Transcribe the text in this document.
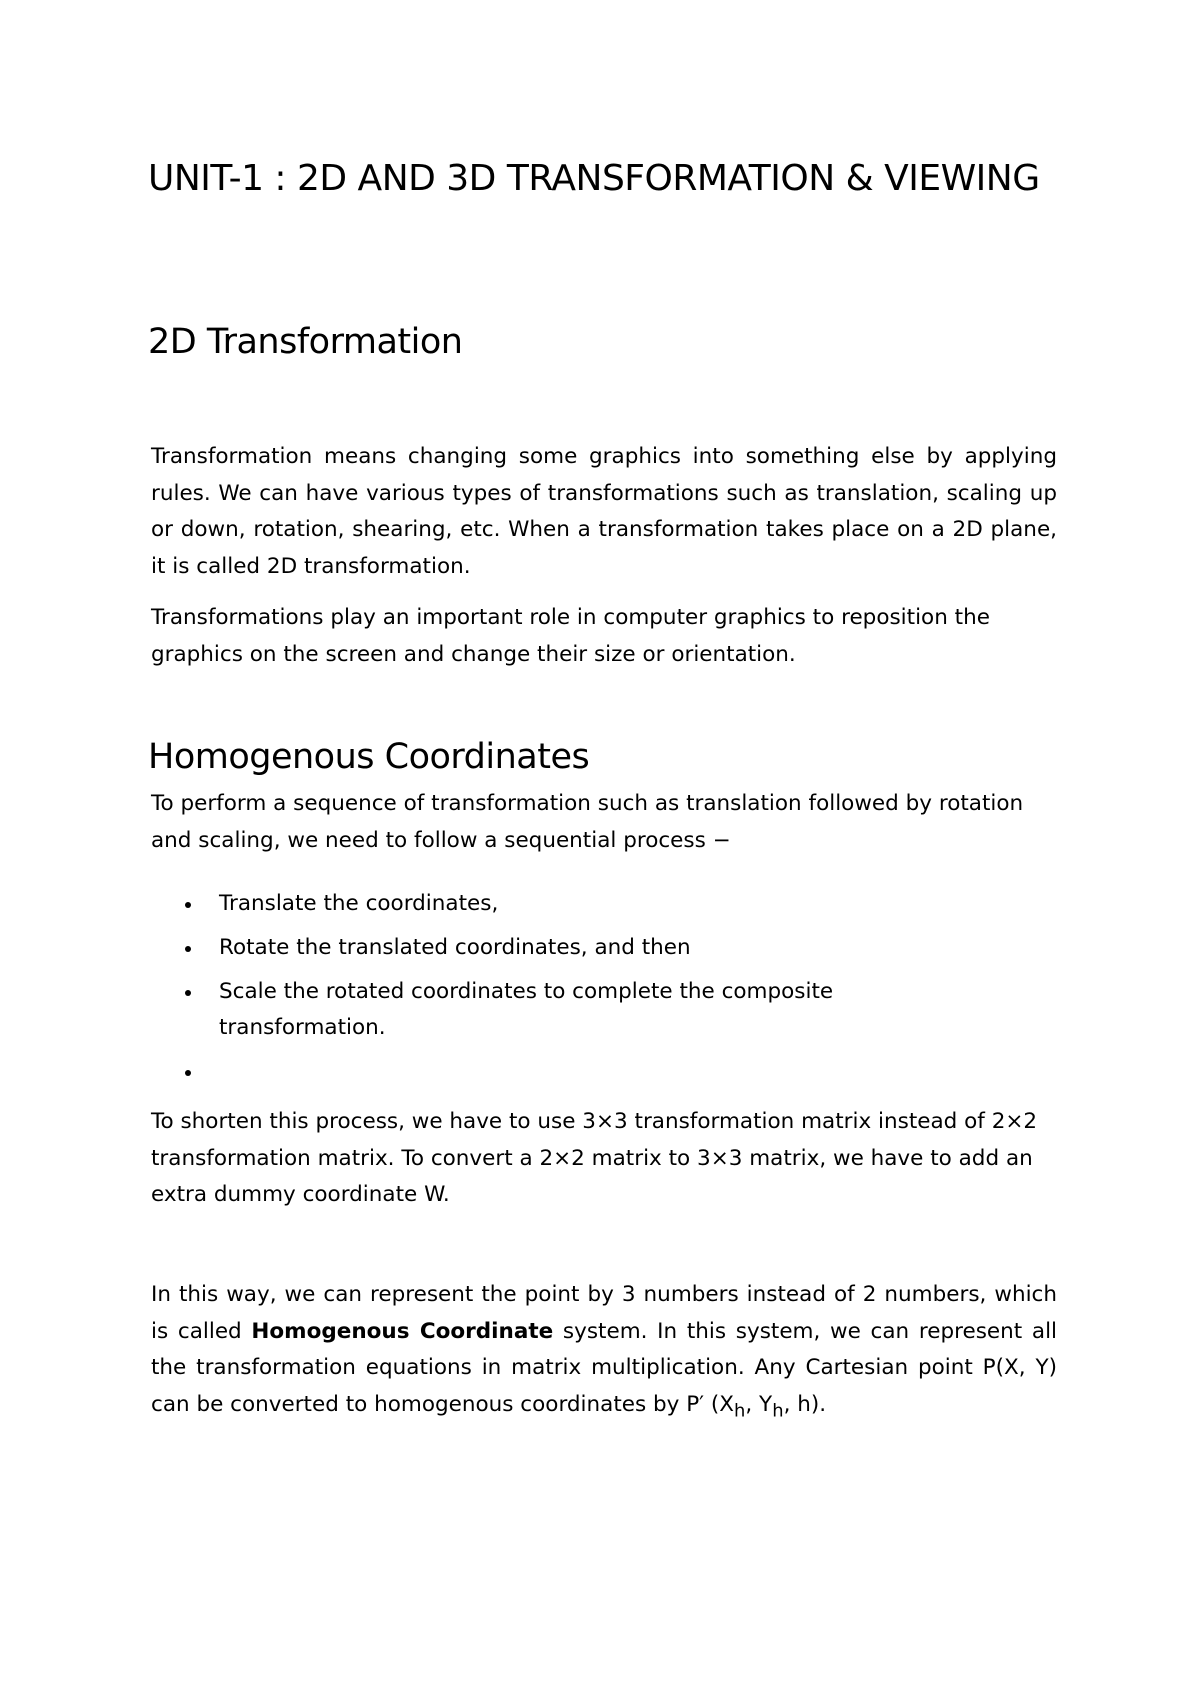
UNIT-1 : 2D AND 3D TRANSFORMATION & VIEWING
2D Transformation

Transformation means changing some graphics into something else by applying rules. We can have various types of transformations such as translation, scaling up or down, rotation, shearing, etc. When a transformation takes place on a 2D plane, it is called 2D transformation.

Transformations play an important role in computer graphics to reposition the graphics on the screen and change their size or orientation.

Homogenous Coordinates

To perform a sequence of transformation such as translation followed by rotation and scaling, we need to follow a sequential process −

Translate the coordinates,
Rotate the translated coordinates, and then
Scale the rotated coordinates to complete the composite transformation.

To shorten this process, we have to use 3×3 transformation matrix instead of 2×2 transformation matrix. To convert a 2×2 matrix to 3×3 matrix, we have to add an extra dummy coordinate W.

In this way, we can represent the point by 3 numbers instead of 2 numbers, which is called Homogenous Coordinate system. In this system, we can represent all the transformation equations in matrix multiplication. Any Cartesian point P(X, Y) can be converted to homogenous coordinates by P′ ($X_h$, $Y_h$, h).
